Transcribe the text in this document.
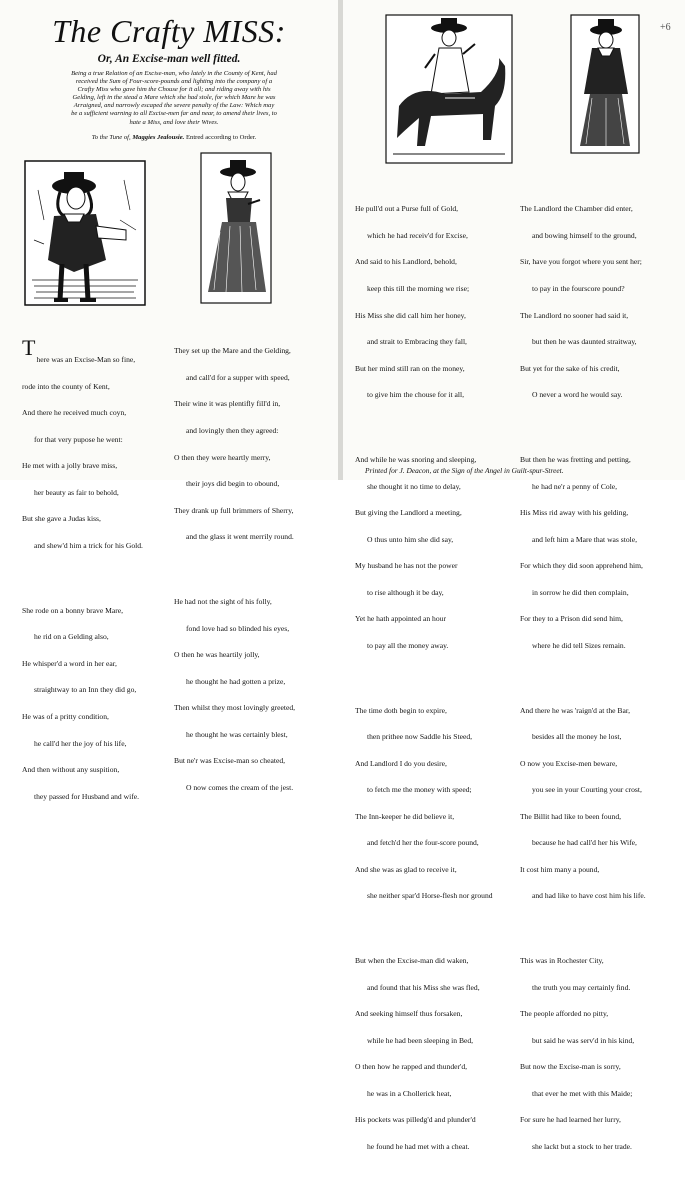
The Crafty MISS:
Or, An Excise-man well fitted.
Being a true Relation of an Excise-man, who lately in the County of Kent, had
received the Sum of Four-score-pounds and lighting into the company of a
Crafty Miss who gave him the Chouse for it all; and riding away with his
Gelding, left in the stead a Mare which she had stole, for which Mare he was
Arraigned, and narrowly escaped the severe penalty of the Law: Which may
be a sufficient warning to all Excise-men far and near, to amend their lives, to
hate a Miss, and love their Wives.
To the Tune of, Maggies Jealousie. Entred according to Order.
+6

T

here was an Excise-Man so fine,

rode into the county of Kent,

And there he received much coyn,

for that very pupose he went:

He met with a jolly brave miss,

her beauty as fair to behold,

But she gave a Judas kiss,

and shew'd him a trick for his Gold.

She rode on a bonny brave Mare,

he rid on a Gelding also,

He whisper'd a word in her ear,

straightway to an Inn they did go,

He was of a pritty condition,

he call'd her the joy of his life,

And then without any suspition,

they passed for Husband and wife.

They set up the Mare and the Gelding,

and call'd for a supper with speed,

Their wine it was plentifly fill'd in,

and lovingly then they agreed:

O then they were heartly merry,

their joys did begin to obound,

They drank up full brimmers of Sherry,

and the glass it went merrily round.

He had not the sight of his folly,

fond love had so blinded his eyes,

O then he was heartily jolly,

he thought he had gotten a prize,

Then whilst they most lovingly greeted,

he thought he was certainly blest,

But ne'r was Excise-man so cheated,

O now comes the cream of the jest.

He pull'd out a Purse full of Gold,

which he had receiv'd for Excise,

And said to his Landlord, behold,

keep this till the morning we rise;

His Miss she did call him her honey,

and strait to Embracing they fall,

But her mind still ran on the money,

to give him the chouse for it all,

And while he was snoring and sleeping,

she thought it no time to delay,

But giving the Landlord a meeting,

O thus unto him she did say,

My husband he has not the power

to rise although it be day,

Yet he hath appointed an hour

to pay all the money away.

The time doth begin to expire,

then prithee now Saddle his Steed,

And Landlord I do you desire,

to fetch me the money with speed;

The Inn-keeper he did believe it,

and fetch'd her the four-score pound,

And she was as glad to receive it,

she neither spar'd Horse-flesh nor ground

But when the Excise-man did waken,

and found that his Miss she was fled,

And seeking himself thus forsaken,

while he had been sleeping in Bed,

O then how he rapped and thunder'd,

he was in a Chollerick heat,

His pockets was pilledg'd and plunder'd

he found he had met with a cheat.

The Landlord the Chamber did enter,

and bowing himself to the ground,

Sir, have you forgot where you sent her;

to pay in the fourscore pound?

The Landlord no sooner had said it,

but then he was daunted straitway,

But yet for the sake of his credit,

O never a word he would say.

But then he was fretting and petting,

he had ne'r a penny of Cole,

His Miss rid away with his gelding,

and left him a Mare that was stole,

For which they did soon apprehend him,

in sorrow he did then complain,

For they to a Prison did send him,

where he did tell Sizes remain.

And there he was 'raign'd at the Bar,

besides all the money he lost,

O now you Excise-men beware,

you see in your Courting your crost,

The Billit had like to been found,

because he had call'd her his Wife,

It cost him many a pound,

and had like to have cost him his life.

This was in Rochester City,

the truth you may certainly find.

The people afforded no pitty,

but said he was serv'd in his kind,

But now the Excise-man is sorry,

that ever he met with this Maide;

For sure he had learned her lurry,

she lackt but a stock to her trade.

Printed for J. Deacon, at the Sign of the Angel in Guilt-spur-Street.
